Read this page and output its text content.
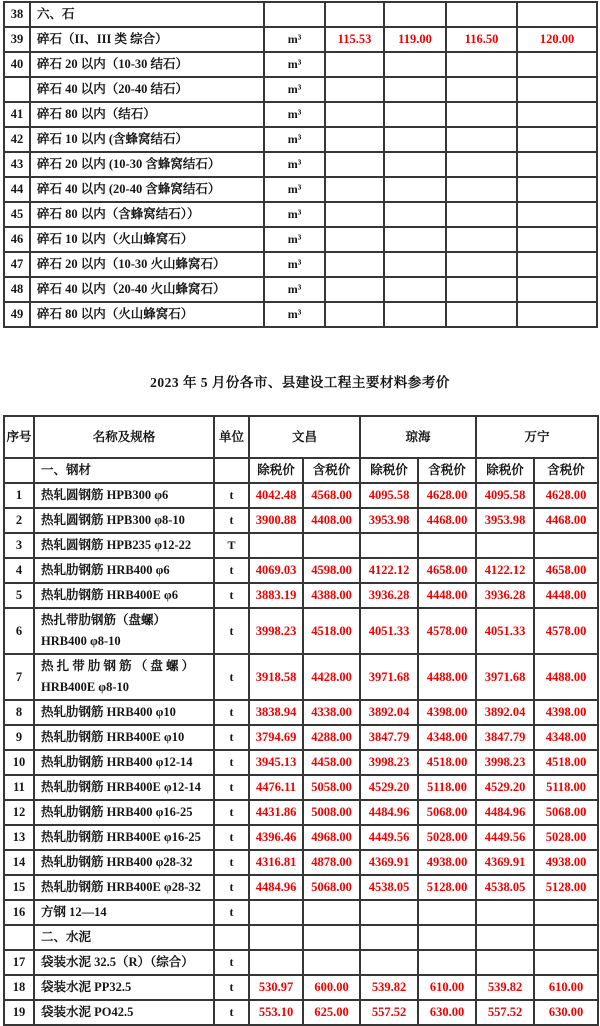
38	六、石					
39	碎石（II、III 类 综合）	m³	115.53	119.00	116.50	120.00
40	碎石 20 以内（10-30 结石）	m³				
	碎石 40 以内（20-40 结石）	m³				
41	碎石 80 以内（结石）	m³				
42	碎石 10 以内 (含蜂窝结石）	m³				
43	碎石 20 以内 (10-30 含蜂窝结石）	m³				
44	碎石 40 以内 (20-40 含蜂窝结石）	m³				
45	碎石 80 以内（含蜂窝结石））	m³				
46	碎石 10 以内（火山蜂窝石）	m³				
47	碎石 20 以内（10-30 火山蜂窝石）	m³				
48	碎石 40 以内（20-40 火山蜂窝石）	m³				
49	碎石 80 以内（火山蜂窝石）	m³				
2023 年 5 月份各市、县建设工程主要材料参考价
序号	名称及规格	单位	文昌		琼海		万宁	
	一、钢材		除税价	含税价	除税价	含税价	除税价	含税价
1	热轧圆钢筋 HPB300 φ6	t	4042.48	4568.00	4095.58	4628.00	4095.58	4628.00
2	热轧圆钢筋 HPB300 φ8-10	t	3900.88	4408.00	3953.98	4468.00	3953.98	4468.00
3	热轧圆钢筋 HPB235 φ12-22	T						
4	热轧肋钢筋 HRB400 φ6	t	4069.03	4598.00	4122.12	4658.00	4122.12	4658.00
5	热轧肋钢筋 HRB400E φ6	t	3883.19	4388.00	3936.28	4448.00	3936.28	4448.00
6	热扎带肋钢筋（盘螺）HRB400 φ8-10	t	3998.23	4518.00	4051.33	4578.00	4051.33	4578.00
7	热 扎 带 肋 钢 筋 （ 盘 螺 ） HRB400E φ8-10	t	3918.58	4428.00	3971.68	4488.00	3971.68	4488.00
8	热轧肋钢筋 HRB400 φ10	t	3838.94	4338.00	3892.04	4398.00	3892.04	4398.00
9	热轧肋钢筋 HRB400E φ10	t	3794.69	4288.00	3847.79	4348.00	3847.79	4348.00
10	热轧肋钢筋 HRB400 φ12-14	t	3945.13	4458.00	3998.23	4518.00	3998.23	4518.00
11	热轧肋钢筋 HRB400E φ12-14	t	4476.11	5058.00	4529.20	5118.00	4529.20	5118.00
12	热轧肋钢筋 HRB400 φ16-25	t	4431.86	5008.00	4484.96	5068.00	4484.96	5068.00
13	热轧肋钢筋 HRB400E φ16-25	t	4396.46	4968.00	4449.56	5028.00	4449.56	5028.00
14	热轧肋钢筋 HRB400 φ28-32	t	4316.81	4878.00	4369.91	4938.00	4369.91	4938.00
15	热轧肋钢筋 HRB400E φ28-32	t	4484.96	5068.00	4538.05	5128.00	4538.05	5128.00
16	方钢 12—14	t						
	二、水泥							
17	袋装水泥 32.5（R）（综合）	t						
18	袋装水泥 PP32.5	t	530.97	600.00	539.82	610.00	539.82	610.00
19	袋装水泥 PO42.5	t	553.10	625.00	557.52	630.00	557.52	630.00
